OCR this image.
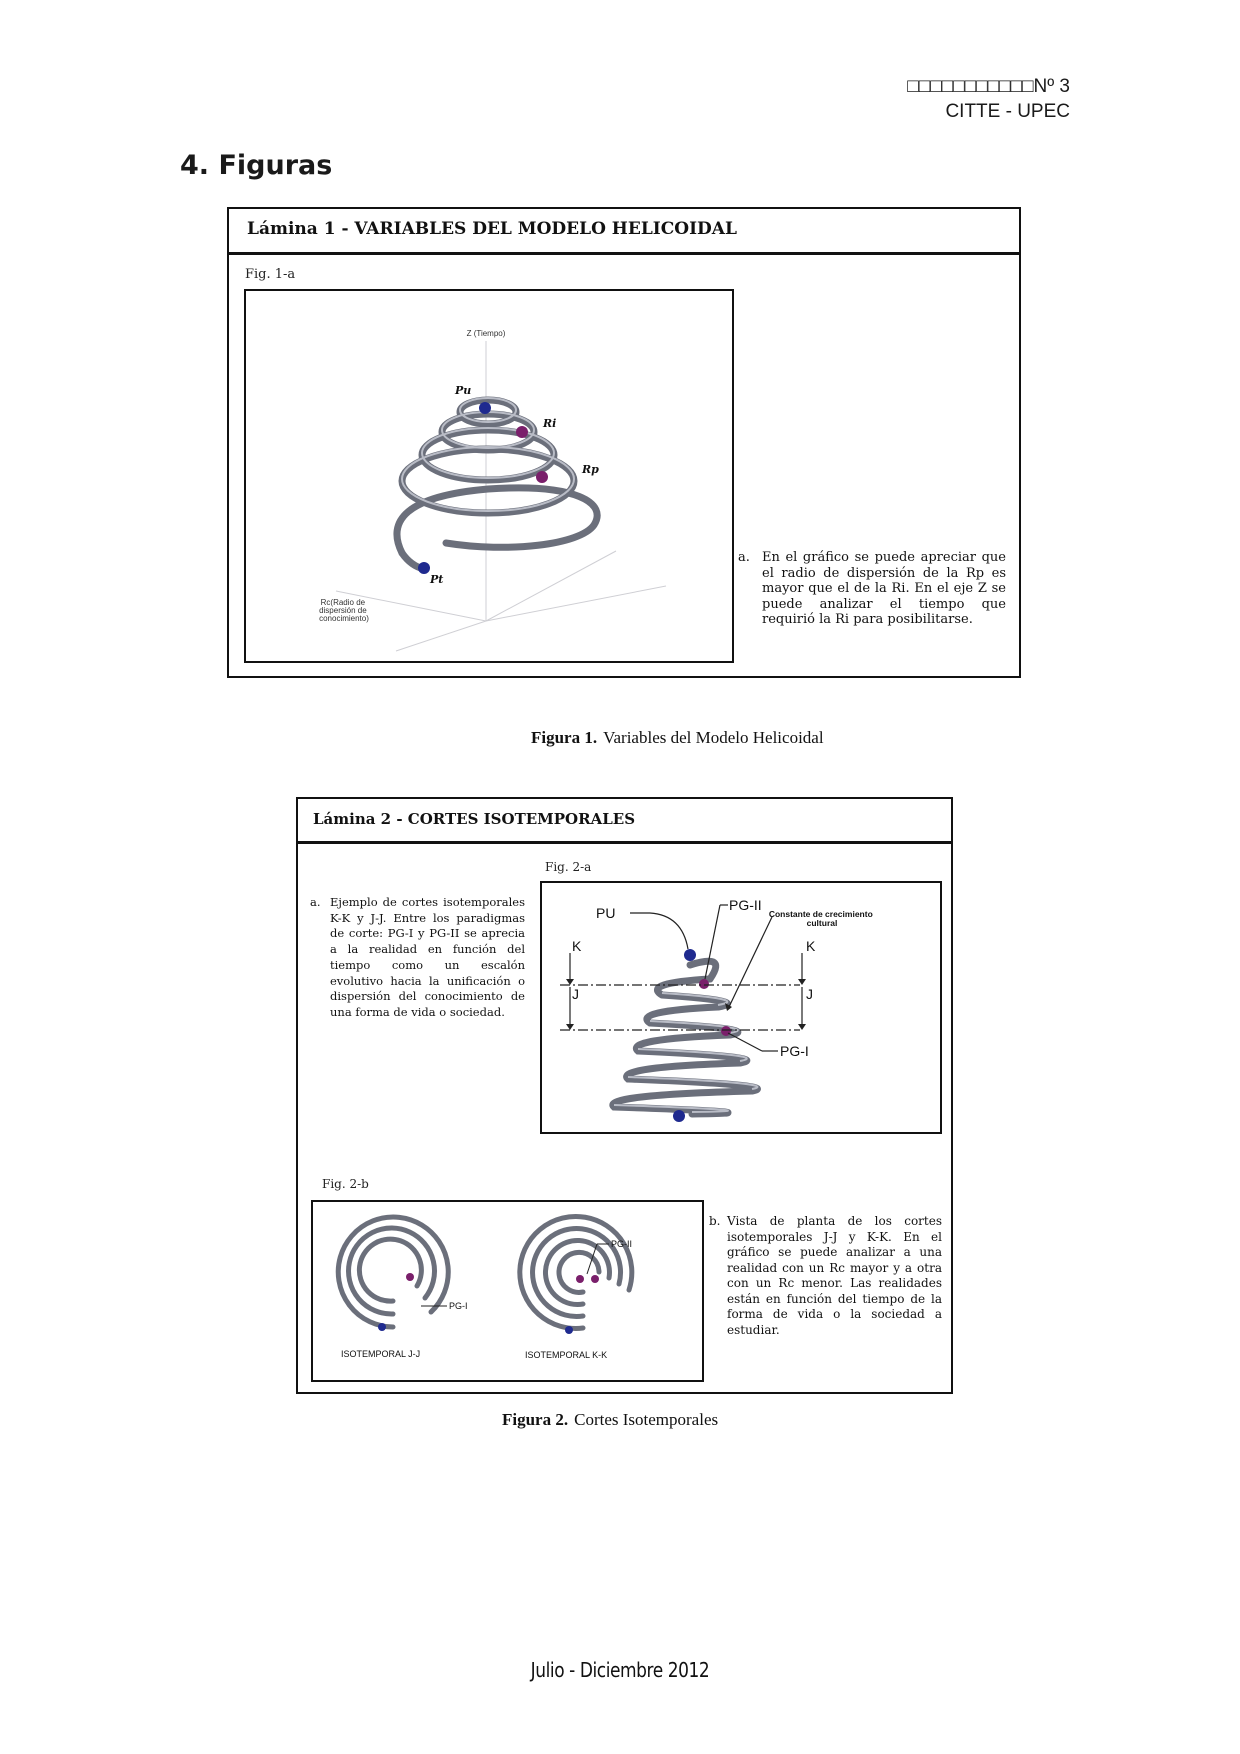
□□□□□□□□□□□Nº 3
CITTE - UPEC
4. Figuras
Lámina 1 - VARIABLES DEL MODELO HELICOIDAL
Fig. 1-a
Z (Tiempo)
Rc(Radio de dispersión de conocimiento)
Pu
Ri
Rp
Pt
a. En el gráfico se puede apreciar que el radio de dispersión de la Rp es mayor que el de la Ri. En el eje Z se puede analizar el tiempo que requirió la Ri para posibilitarse.
Figura 1. Variables del Modelo Helicoidal
Lámina 2 - CORTES ISOTEMPORALES
Fig. 2-a
a. Ejemplo de cortes isotemporales K-K y J-J. Entre los paradigmas de corte: PG-I y PG-II se aprecia a la realidad en función del tiempo como un escalón evolutivo hacia la unificación o dispersión del conocimiento de una forma de vida o sociedad.
PU	PG-II
PG-I
K
J
K
J
Constante de crecimiento cultural
Fig. 2-b
PG-I
PG-II
ISOTEMPORAL J-J	ISOTEMPORAL K-K
b. Vista de planta de los cortes isotemporales J-J y K-K. En el gráfico se puede analizar a una realidad con un Rc mayor y a otra con un Rc menor. Las realidades están en función del tiempo de la forma de vida o la sociedad a estudiar.
Figura 2. Cortes Isotemporales
Julio - Diciembre 2012
